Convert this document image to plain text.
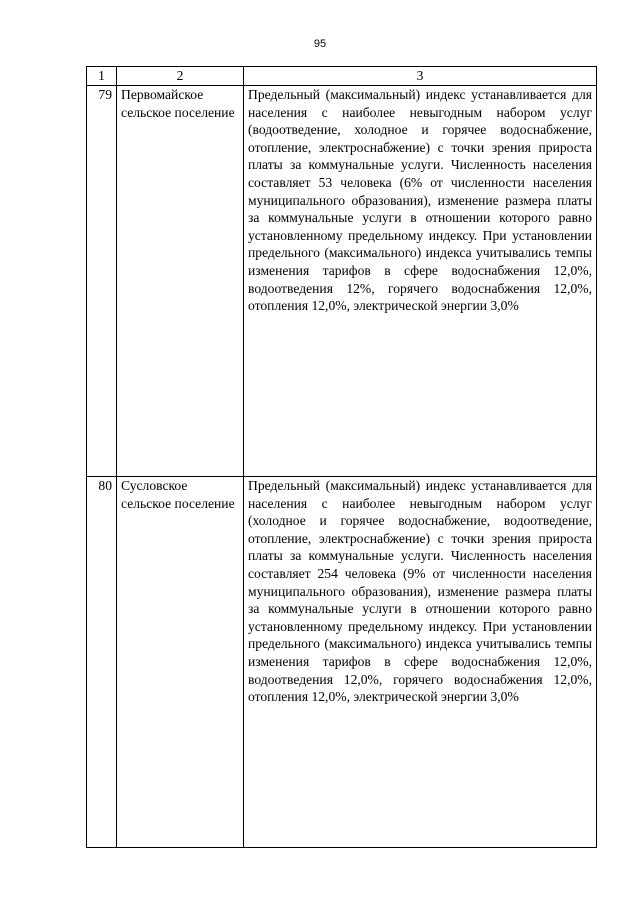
95
1	2	3
79	Первомайское сельское поселение	Предельный (максимальный) индекс устанавливается для населения с наиболее невыгодным набором услуг (водоотведение, холодное и горячее водоснабжение, отопление, электроснабжение) с точки зрения прироста платы за коммунальные услуги. Численность населения составляет 53 человека (6% от численности населения муниципального образования), изменение размера платы за коммунальные услуги в отношении которого равно установленному предельному индексу. При установлении предельного (максимального) индекса учитывались темпы изменения тарифов в сфере водоснабжения 12,0%, водоотведения 12%, горячего водоснабжения 12,0%, отопления 12,0%, электрической энергии 3,0%
80	Сусловское сельское поселение	Предельный (максимальный) индекс устанавливается для населения с наиболее невыгодным набором услуг (холодное и горячее водоснабжение, водоотведение, отопление, электроснабжение) с точки зрения прироста платы за коммунальные услуги. Численность населения составляет 254 человека (9% от численности населения муниципального образования), изменение размера платы за коммунальные услуги в отношении которого равно установленному предельному индексу. При установлении предельного (максимального) индекса учитывались темпы изменения тарифов в сфере водоснабжения 12,0%, водоотведения 12,0%, горячего водоснабжения 12,0%, отопления 12,0%, электрической энергии 3,0%
